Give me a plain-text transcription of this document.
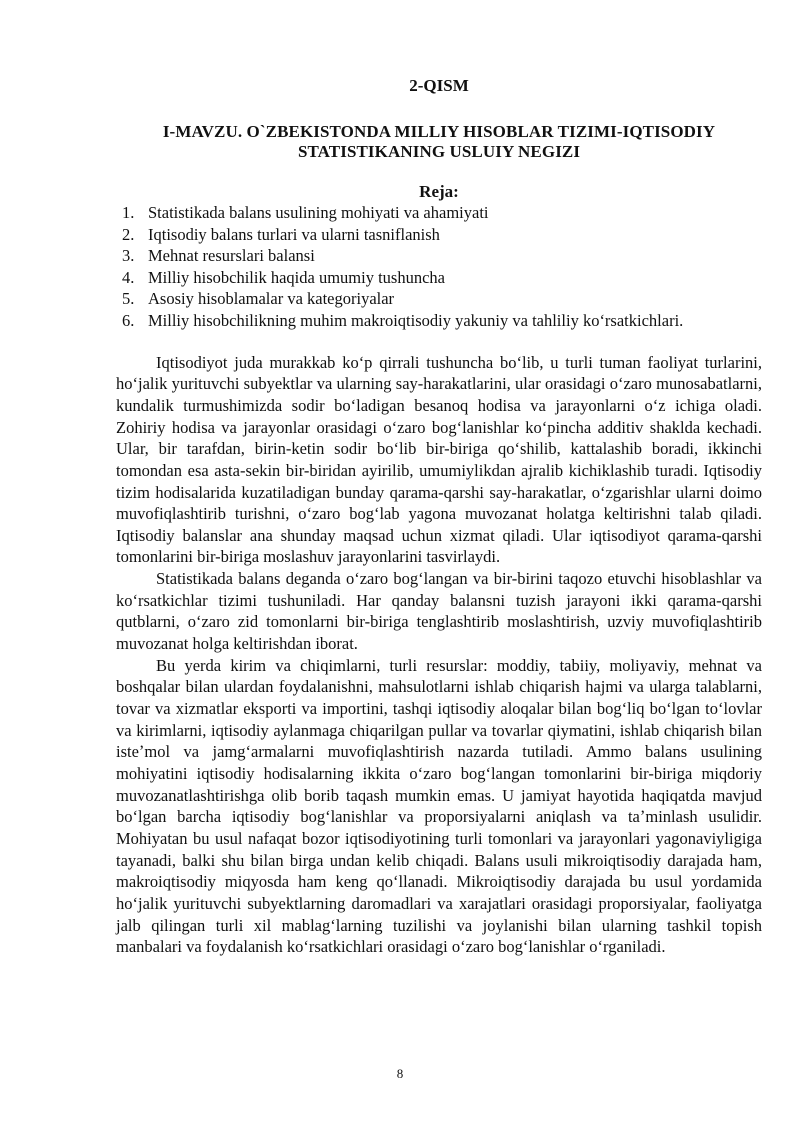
2-QISM
I-MAVZU. O`ZBEKISTONDA MILLIY HISOBLAR TIZIMI-IQTISODIY STATISTIKANING USLUIY NEGIZI
Reja:
1. Statistikada balans usulining mohiyati va ahamiyati
2. Iqtisodiy balans turlari va ularni tasniflanish
3. Mehnat resurslari balansi
4. Milliy hisobchilik haqida umumiy tushuncha
5. Asosiy hisoblamalar va kategoriyalar
6. Milliy hisobchilikning muhim makroiqtisodiy yakuniy va tahliliy koʻrsatkichlari.

Iqtisodiyot juda murakkab koʻp qirrali tushuncha boʻlib, u turli tuman faoliyat turlarini, hoʻjalik yurituvchi subyektlar va ularning say-harakatlarini, ular orasidagi oʻzaro munosabatlarni, kundalik turmushimizda sodir boʻladigan besanoq hodisa va jarayonlarni oʻz ichiga oladi. Zohiriy hodisa va jarayonlar orasidagi oʻzaro bogʻlanishlar koʻpincha additiv shaklda kechadi. Ular, bir tarafdan, birin-ketin sodir boʻlib bir-biriga qoʻshilib, kattalashib boradi, ikkinchi tomondan esa asta-sekin bir-biridan ayirilib, umumiylikdan ajralib kichiklashib turadi. Iqtisodiy tizim hodisalarida kuzatiladigan bunday qarama-qarshi say-harakatlar, oʻzgarishlar ularni doimo muvofiqlashtirib turishni, oʻzaro bogʻlab yagona muvozanat holatga keltirishni talab qiladi. Iqtisodiy balanslar ana shunday maqsad uchun xizmat qiladi. Ular iqtisodiyot qarama-qarshi tomonlarini bir-biriga moslashuv jarayonlarini tasvirlaydi.

Statistikada balans deganda oʻzaro bogʻlangan va bir-birini taqozo etuvchi hisoblashlar va koʻrsatkichlar tizimi tushuniladi. Har qanday balansni tuzish jarayoni ikki qarama-qarshi qutblarni, oʻzaro zid tomonlarni bir-biriga tenglashtirib moslashtirish, uzviy muvofiqlashtirib muvozanat holga keltirishdan iborat.

Bu yerda kirim va chiqimlarni, turli resurslar: moddiy, tabiiy, moliyaviy, mehnat va boshqalar bilan ulardan foydalanishni, mahsulotlarni ishlab chiqarish hajmi va ularga talablarni, tovar va xizmatlar eksporti va importini, tashqi iqtisodiy aloqalar bilan bogʻliq boʻlgan toʻlovlar va kirimlarni, iqtisodiy aylanmaga chiqarilgan pullar va tovarlar qiymatini, ishlab chiqarish bilan isteʼmol va jamgʻarmalarni muvofiqlashtirish nazarda tutiladi. Ammo balans usulining mohiyatini iqtisodiy hodisalarning ikkita oʻzaro bogʻlangan tomonlarini bir-biriga miqdoriy muvozanatlashtirishga olib borib taqash mumkin emas. U jamiyat hayotida haqiqatda mavjud boʻlgan barcha iqtisodiy bogʻlanishlar va proporsiyalarni aniqlash va taʼminlash usulidir. Mohiyatan bu usul nafaqat bozor iqtisodiyotining turli tomonlari va jarayonlari yagonaviyligiga tayanadi, balki shu bilan birga undan kelib chiqadi. Balans usuli mikroiqtisodiy darajada ham, makroiqtisodiy miqyosda ham keng qoʻllanadi. Mikroiqtisodiy darajada bu usul yordamida hoʻjalik yurituvchi subyektlarning daromadlari va xarajatlari orasidagi proporsiyalar, faoliyatga jalb qilingan turli xil mablagʻlarning tuzilishi va joylanishi bilan ularning tashkil topish manbalari va foydalanish koʻrsatkichlari orasidagi oʻzaro bogʻlanishlar oʻrganiladi.

8
